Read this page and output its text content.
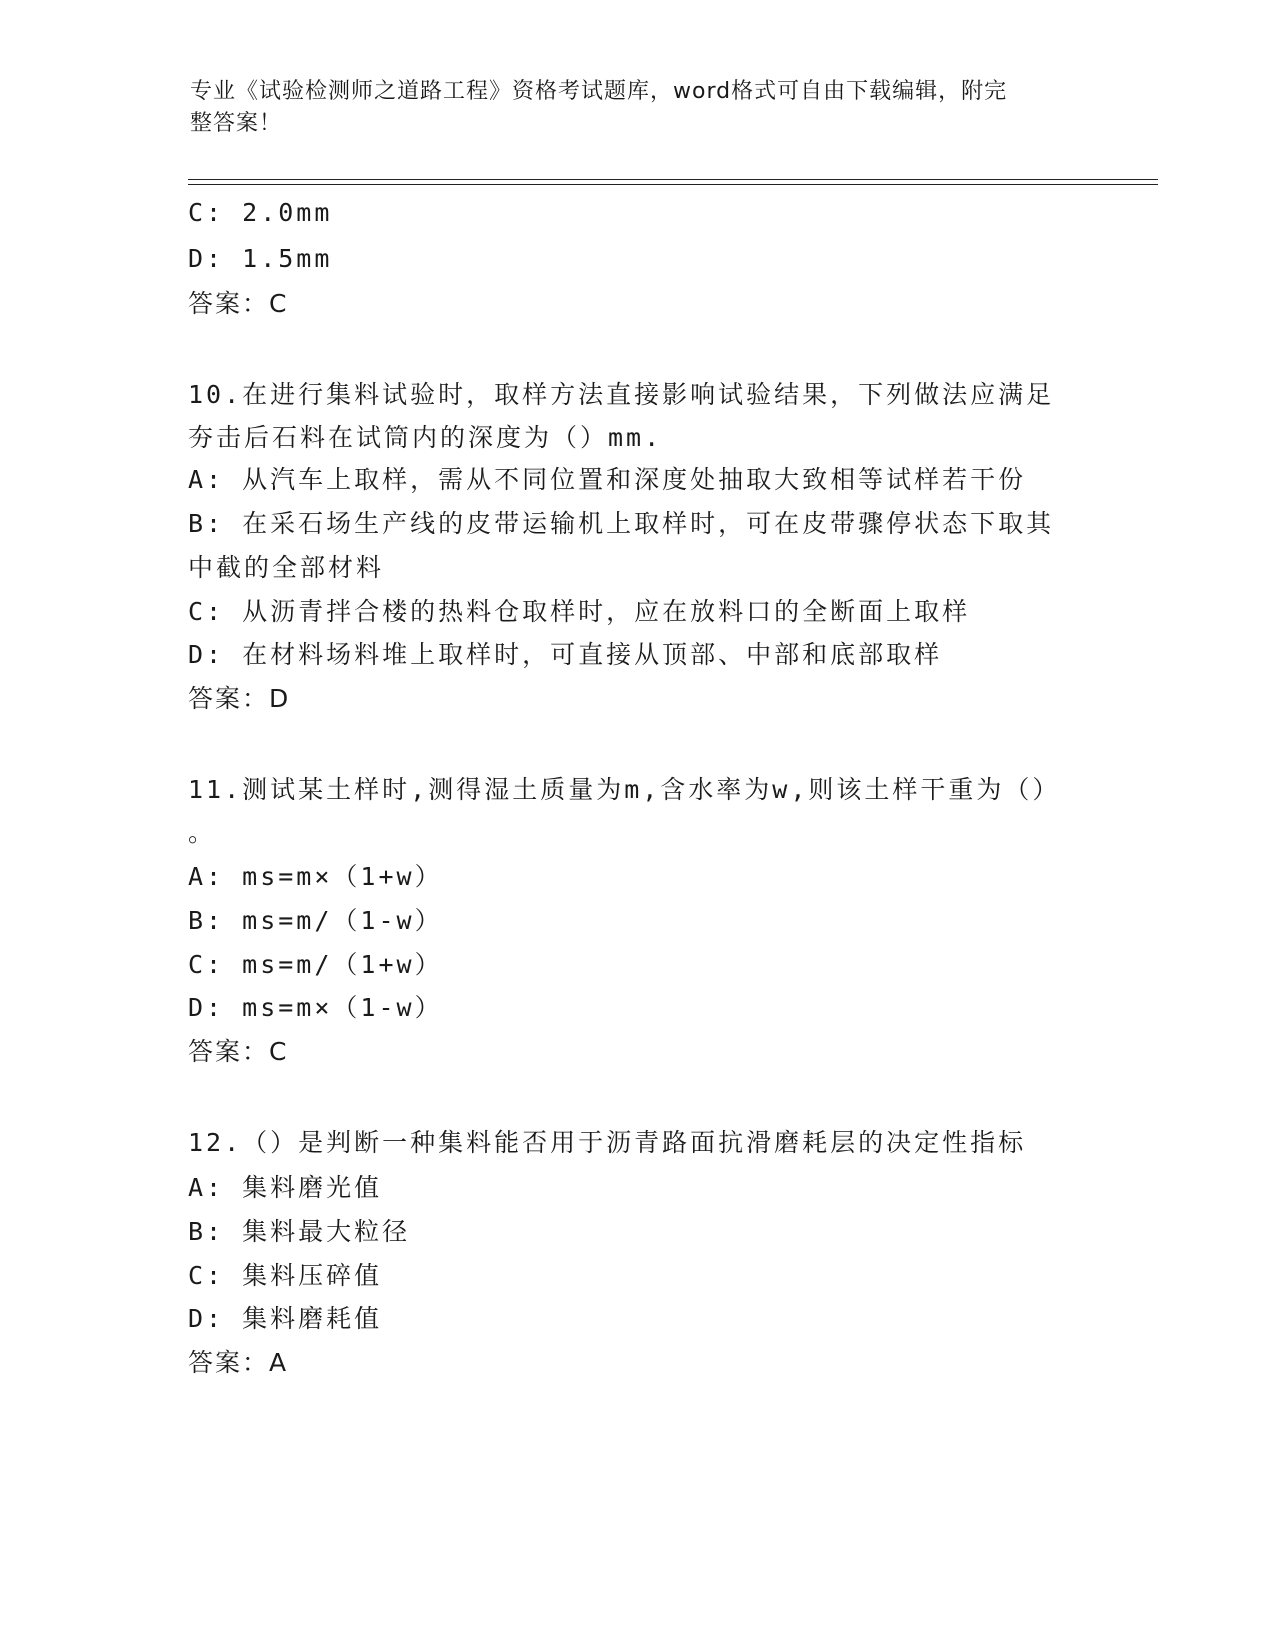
专业《试验检测师之道路工程》资格考试题库，word格式可自由下载编辑，附完
整答案！
C: 2.0mm
D: 1.5mm
答案：C
10.在进行集料试验时，取样方法直接影响试验结果，下列做法应满足
夯击后石料在试筒内的深度为（）mm.
A: 从汽车上取样，需从不同位置和深度处抽取大致相等试样若干份
B: 在采石场生产线的皮带运输机上取样时，可在皮带骤停状态下取其
中截的全部材料
C: 从沥青拌合楼的热料仓取样时，应在放料口的全断面上取样
D: 在材料场料堆上取样时，可直接从顶部、中部和底部取样
答案：D
11.测试某土样时,测得湿土质量为m,含水率为w,则该土样干重为（）
。
A: ms=m×（1+w）
B: ms=m/（1-w）
C: ms=m/（1+w）
D: ms=m×（1-w）
答案：C
12.（）是判断一种集料能否用于沥青路面抗滑磨耗层的决定性指标
A: 集料磨光值
B: 集料最大粒径
C: 集料压碎值
D: 集料磨耗值
答案：A
